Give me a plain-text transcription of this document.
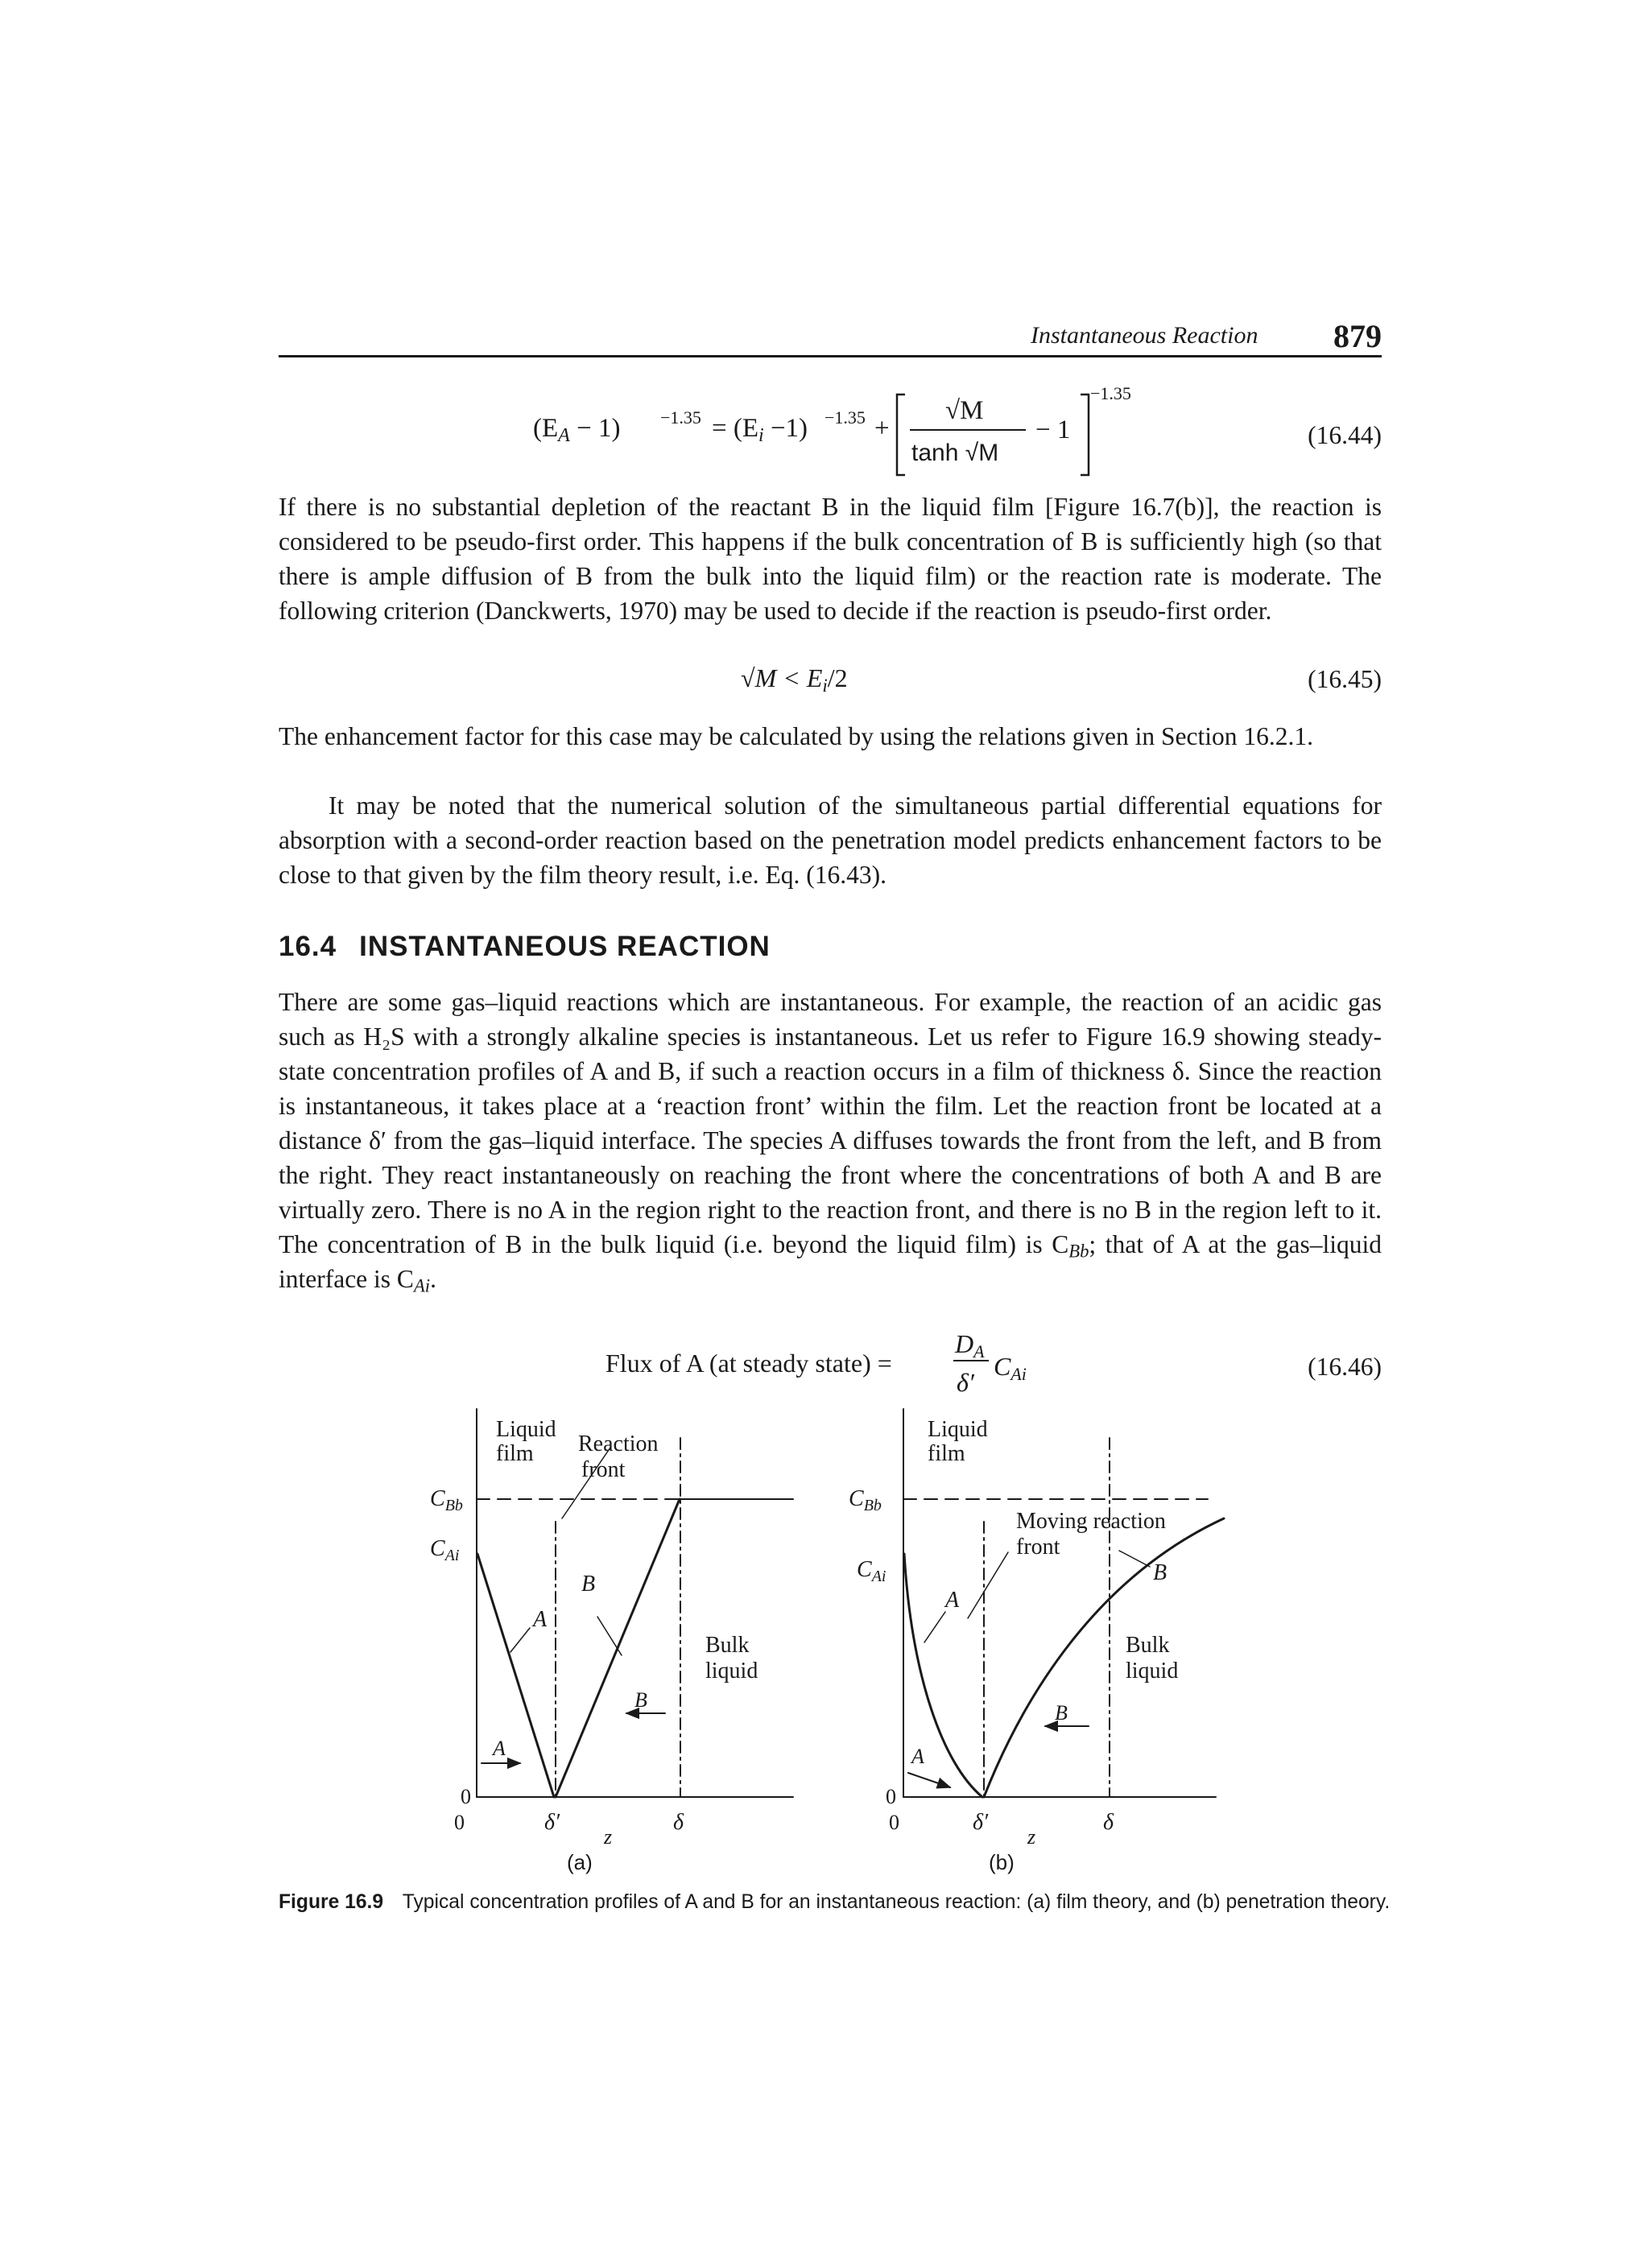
Instantaneous Reaction 879
(EA − 1) −1.35 = (Ei −1) −1.35 +
√M
tanh √M
− 1
−1.35
(16.44)

If there is no substantial depletion of the reactant B in the liquid film [Figure 16.7(b)], the reaction is considered to be pseudo-first order. This happens if the bulk concentration of B is sufficiently high (so that there is ample diffusion of B from the bulk into the liquid film) or the reaction rate is moderate. The following criterion (Danckwerts, 1970) may be used to decide if the reaction is pseudo-first order.

$√M < E_i/2$	(16.45)

The enhancement factor for this case may be calculated by using the relations given in Section 16.2.1.

It may be noted that the numerical solution of the simultaneous partial differential equations for absorption with a second-order reaction based on the penetration model predicts enhancement factors to be close to that given by the film theory result, i.e. Eq. (16.43).

16.4 INSTANTANEOUS REACTION

There are some gas–liquid reactions which are instantaneous. For example, the reaction of an acidic gas such as H₂S with a strongly alkaline species is instantaneous. Let us refer to Figure 16.9 showing steady-state concentration profiles of A and B, if such a reaction occurs in a film of thickness δ. Since the reaction is instantaneous, it takes place at a ‘reaction front’ within the film. Let the reaction front be located at a distance δ′ from the gas–liquid interface. The species A diffuses towards the front from the left, and B from the right. They react instantaneously on reaching the front where the concentrations of both A and B are virtually zero. There is no A in the region right to the reaction front, and there is no B in the region left to it. The concentration of B in the bulk liquid (i.e. beyond the liquid film) is $C_{Bb}$; that of A at the gas–liquid interface is $C_{Ai}$.

Flux of A (at steady state) =
DA
δ′
CAi	(16.46)
Liquid
film Reaction
front
$C_{Bb}$
$C_{Ai}$
A
B
A
B
Bulk
liquid
0
0	δ′
z
δ
(a)
Liquid
film
Moving reaction
front
$C_{Bb}$
$C_{Ai}$
A
B
A
B
Bulk
liquid
0
0	δ′
z
δ
(b)
Figure 16.9 Typical concentration profiles of A and B for an instantaneous reaction: (a) film theory, and (b) penetration theory.
